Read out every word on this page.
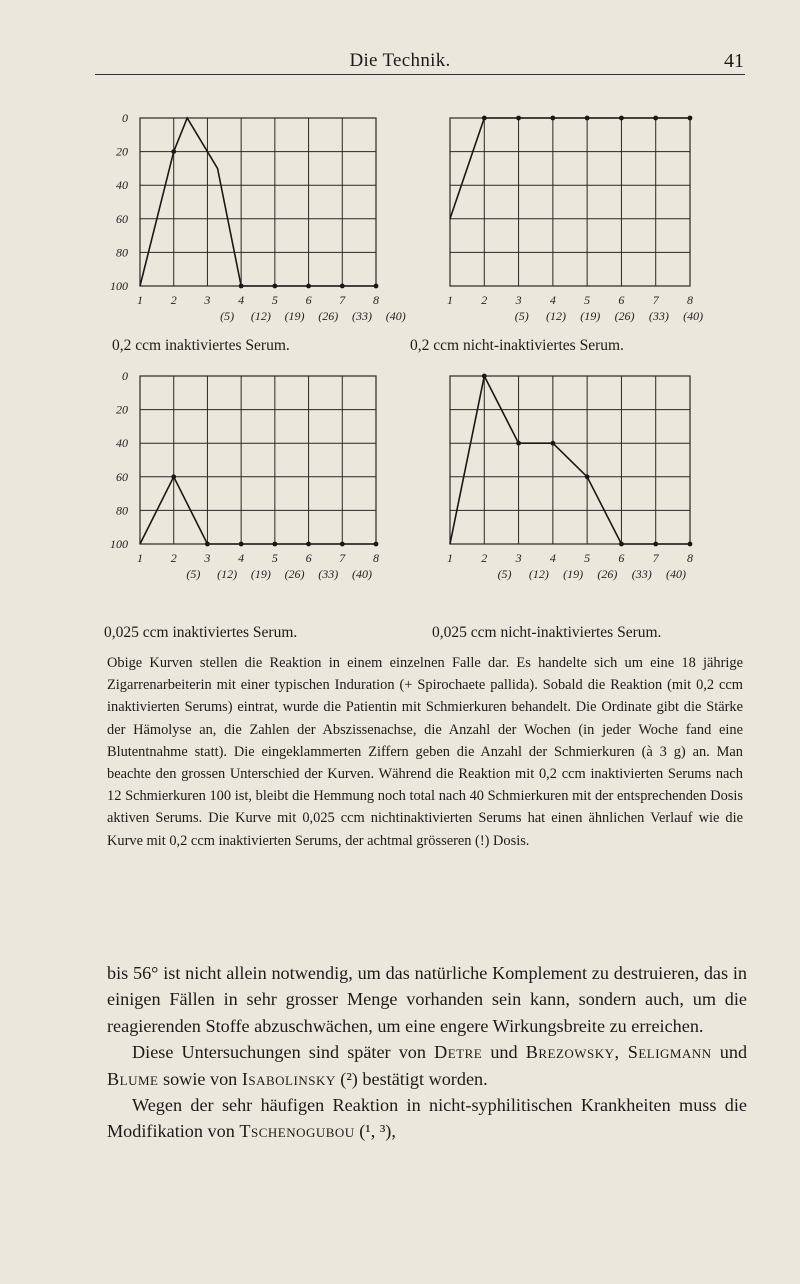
Die Technik.	41
0
20
40
60
80
100
1 2 3 4 5 6 7 8
(5) (12) (19) (26) (33) (40)
1 2 3 4 5 6 7 8
(5) (12) (19) (26) (33) (40)
0
20
40
60
80
100
1 2 3 4 5 6 7 8
(5) (12) (19) (26) (33) (40)
1 2 3 4 5 6 7 8
(5) (12) (19) (26) (33) (40)
0,2 ccm inaktiviertes Serum.	0,2 ccm nicht-inaktiviertes Serum.
0,025 ccm inaktiviertes Serum.	0,025 ccm nicht-inaktiviertes Serum.
Obige Kurven stellen die Reaktion in einem einzelnen Falle dar. Es handelte sich um eine 18 jährige Zigarrenarbeiterin mit einer typischen Induration (+ Spirochaete pallida). Sobald die Reaktion (mit 0,2 ccm inaktivierten Serums) eintrat, wurde die Patientin mit Schmierkuren behandelt. Die Ordinate gibt die Stärke der Hämolyse an, die Zahlen der Abszissenachse, die Anzahl der Wochen (in jeder Woche fand eine Blutentnahme statt). Die eingeklammerten Ziffern geben die Anzahl der Schmierkuren (à 3 g) an. Man beachte den grossen Unterschied der Kurven. Während die Reaktion mit 0,2 ccm inaktivierten Serums nach 12 Schmierkuren 100 ist, bleibt die Hemmung noch total nach 40 Schmierkuren mit der entsprechenden Dosis aktiven Serums. Die Kurve mit 0,025 ccm nichtinaktivierten Serums hat einen ähnlichen Verlauf wie die Kurve mit 0,2 ccm inaktivierten Serums, der achtmal grösseren (!) Dosis.

bis 56° ist nicht allein notwendig, um das natürliche Komplement zu destruieren, das in einigen Fällen in sehr grosser Menge vorhanden sein kann, sondern auch, um die reagierenden Stoffe abzuschwächen, um eine engere Wirkungsbreite zu erreichen.

Diese Untersuchungen sind später von Detre und Brezowsky, Seligmann und Blume sowie von Isabolinsky (²) bestätigt worden.

Wegen der sehr häufigen Reaktion in nicht-syphilitischen Krankheiten muss die Modifikation von Tschenogubou (¹, ³),
